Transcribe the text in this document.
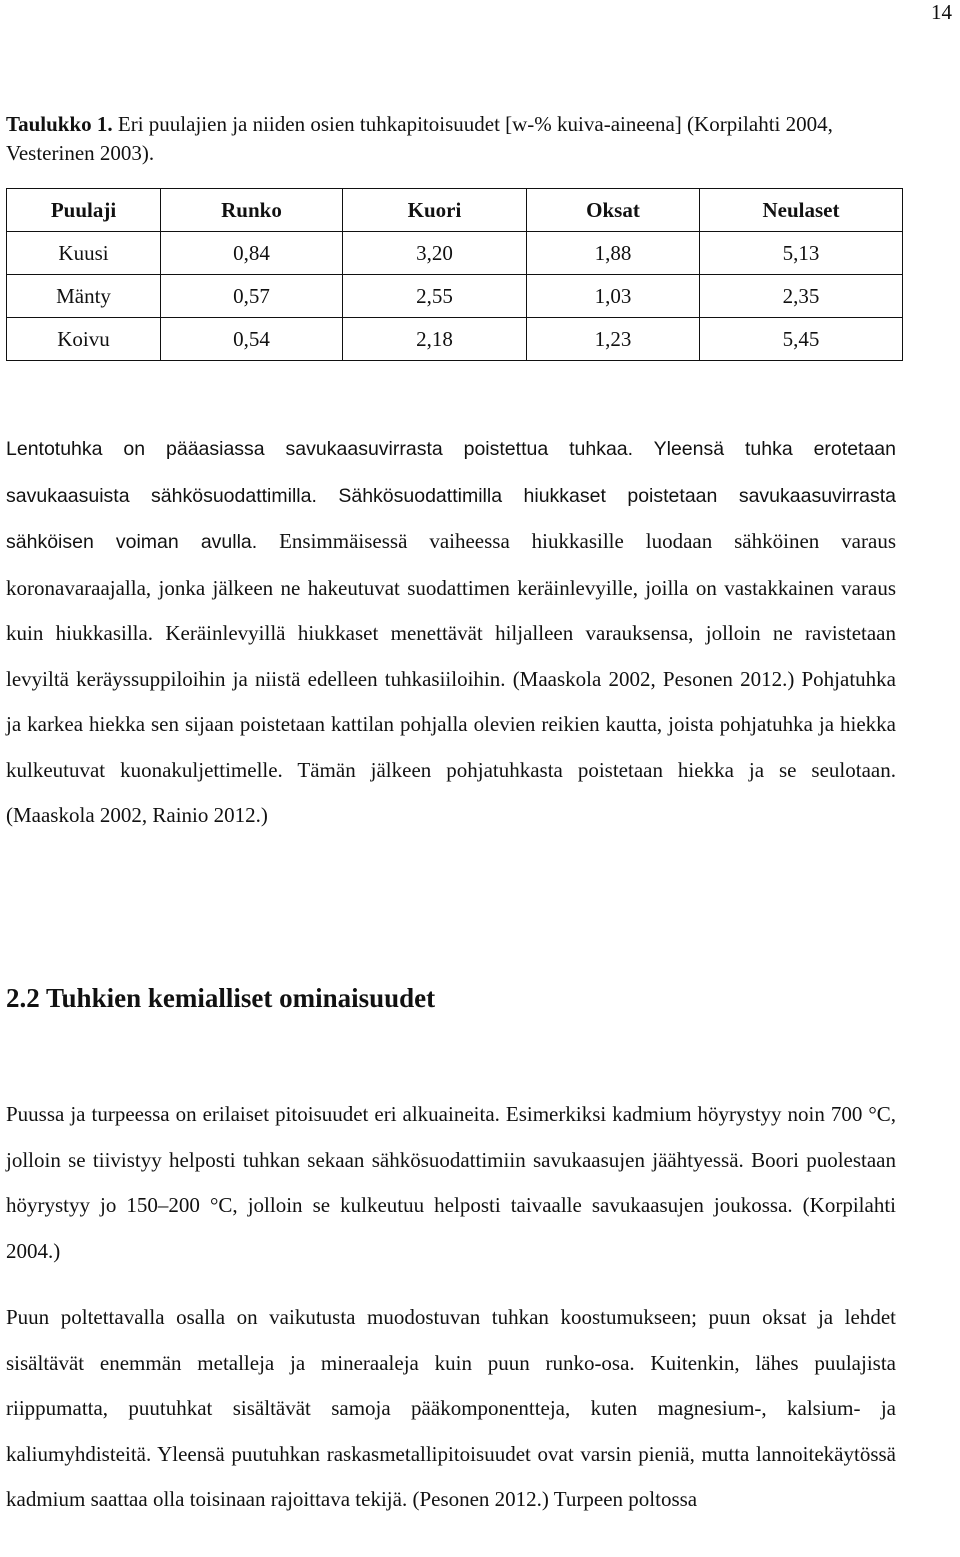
14
Taulukko 1. Eri puulajien ja niiden osien tuhkapitoisuudet [w-% kuiva-aineena] (Korpilahti 2004, Vesterinen 2003).
Puulaji	Runko	Kuori	Oksat	Neulaset
Kuusi	0,84	3,20	1,88	5,13
Mänty	0,57	2,55	1,03	2,35
Koivu	0,54	2,18	1,23	5,45

Lentotuhka on pääasiassa savukaasuvirrasta poistettua tuhkaa. Yleensä tuhka erotetaan savukaasuista sähkösuodattimilla. Sähkösuodattimilla hiukkaset poistetaan savukaasuvirrasta sähköisen voiman avulla. Ensimmäisessä vaiheessa hiukkasille luodaan sähköinen varaus koronavaraajalla, jonka jälkeen ne hakeutuvat suodattimen keräinlevyille, joilla on vastakkainen varaus kuin hiukkasilla. Keräinlevyillä hiukkaset menettävät hiljalleen varauksensa, jolloin ne ravistetaan levyiltä keräyssuppiloihin ja niistä edelleen tuhkasiiloihin. (Maaskola 2002, Pesonen 2012.) Pohjatuhka ja karkea hiekka sen sijaan poistetaan kattilan pohjalla olevien reikien kautta, joista pohjatuhka ja hiekka kulkeutuvat kuonakuljettimelle. Tämän jälkeen pohjatuhkasta poistetaan hiekka ja se seulotaan. (Maaskola 2002, Rainio 2012.)

2.2 Tuhkien kemialliset ominaisuudet

Puussa ja turpeessa on erilaiset pitoisuudet eri alkuaineita. Esimerkiksi kadmium höyrystyy noin 700 °C, jolloin se tiivistyy helposti tuhkan sekaan sähkösuodattimiin savukaasujen jäähtyessä. Boori puolestaan höyrystyy jo 150–200 °C, jolloin se kulkeutuu helposti taivaalle savukaasujen joukossa. (Korpilahti 2004.)

Puun poltettavalla osalla on vaikutusta muodostuvan tuhkan koostumukseen; puun oksat ja lehdet sisältävät enemmän metalleja ja mineraaleja kuin puun runko-osa. Kuitenkin, lähes puulajista riippumatta, puutuhkat sisältävät samoja pääkomponentteja, kuten magnesium-, kalsium- ja kaliumyhdisteitä. Yleensä puutuhkan raskasmetallipitoisuudet ovat varsin pieniä, mutta lannoitekäytössä kadmium saattaa olla toisinaan rajoittava tekijä. (Pesonen 2012.) Turpeen poltossa
